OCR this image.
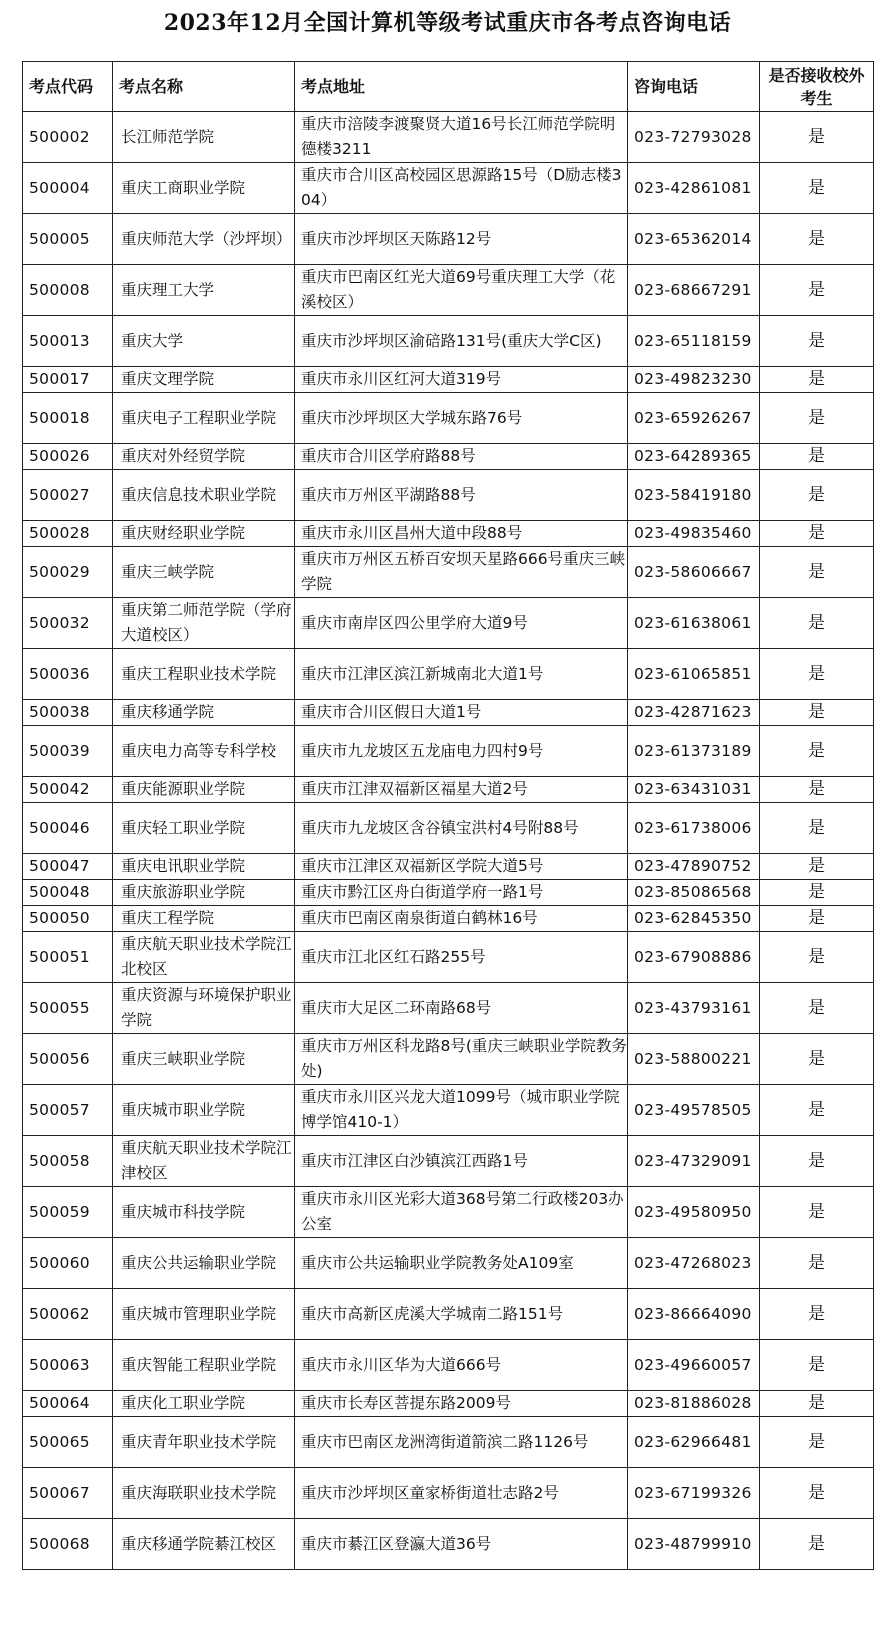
2023年12月全国计算机等级考试重庆市各考点咨询电话
考点代码	考点名称	考点地址	咨询电话	是否接收校外考生
500002	长江师范学院	重庆市涪陵李渡聚贤大道16号长江师范学院明德楼3211	023-72793028	是
500004	重庆工商职业学院	重庆市合川区高校园区思源路15号（D励志楼304）	023-42861081	是
500005	重庆师范大学（沙坪坝）	重庆市沙坪坝区天陈路12号	023-65362014	是
500008	重庆理工大学	重庆市巴南区红光大道69号重庆理工大学（花溪校区）	023-68667291	是
500013	重庆大学	重庆市沙坪坝区渝碚路131号(重庆大学C区)	023-65118159	是
500017	重庆文理学院	重庆市永川区红河大道319号	023-49823230	是
500018	重庆电子工程职业学院	重庆市沙坪坝区大学城东路76号	023-65926267	是
500026	重庆对外经贸学院	重庆市合川区学府路88号	023-64289365	是
500027	重庆信息技术职业学院	重庆市万州区平湖路88号	023-58419180	是
500028	重庆财经职业学院	重庆市永川区昌州大道中段88号	023-49835460	是
500029	重庆三峡学院	重庆市万州区五桥百安坝天星路666号重庆三峡学院	023-58606667	是
500032	重庆第二师范学院（学府大道校区）	重庆市南岸区四公里学府大道9号	023-61638061	是
500036	重庆工程职业技术学院	重庆市江津区滨江新城南北大道1号	023-61065851	是
500038	重庆移通学院	重庆市合川区假日大道1号	023-42871623	是
500039	重庆电力高等专科学校	重庆市九龙坡区五龙庙电力四村9号	023-61373189	是
500042	重庆能源职业学院	重庆市江津双福新区福星大道2号	023-63431031	是
500046	重庆轻工职业学院	重庆市九龙坡区含谷镇宝洪村4号附88号	023-61738006	是
500047	重庆电讯职业学院	重庆市江津区双福新区学院大道5号	023-47890752	是
500048	重庆旅游职业学院	重庆市黔江区舟白街道学府一路1号	023-85086568	是
500050	重庆工程学院	重庆市巴南区南泉街道白鹤林16号	023-62845350	是
500051	重庆航天职业技术学院江北校区	重庆市江北区红石路255号	023-67908886	是
500055	重庆资源与环境保护职业学院	重庆市大足区二环南路68号	023-43793161	是
500056	重庆三峡职业学院	重庆市万州区科龙路8号(重庆三峡职业学院教务处)	023-58800221	是
500057	重庆城市职业学院	重庆市永川区兴龙大道1099号（城市职业学院博学馆410-1）	023-49578505	是
500058	重庆航天职业技术学院江津校区	重庆市江津区白沙镇滨江西路1号	023-47329091	是
500059	重庆城市科技学院	重庆市永川区光彩大道368号第二行政楼203办公室	023-49580950	是
500060	重庆公共运输职业学院	重庆市公共运输职业学院教务处A109室	023-47268023	是
500062	重庆城市管理职业学院	重庆市高新区虎溪大学城南二路151号	023-86664090	是
500063	重庆智能工程职业学院	重庆市永川区华为大道666号	023-49660057	是
500064	重庆化工职业学院	重庆市长寿区菩提东路2009号	023-81886028	是
500065	重庆青年职业技术学院	重庆市巴南区龙洲湾街道箭滨二路1126号	023-62966481	是
500067	重庆海联职业技术学院	重庆市沙坪坝区童家桥街道壮志路2号	023-67199326	是
500068	重庆移通学院綦江校区	重庆市綦江区登瀛大道36号	023-48799910	是
